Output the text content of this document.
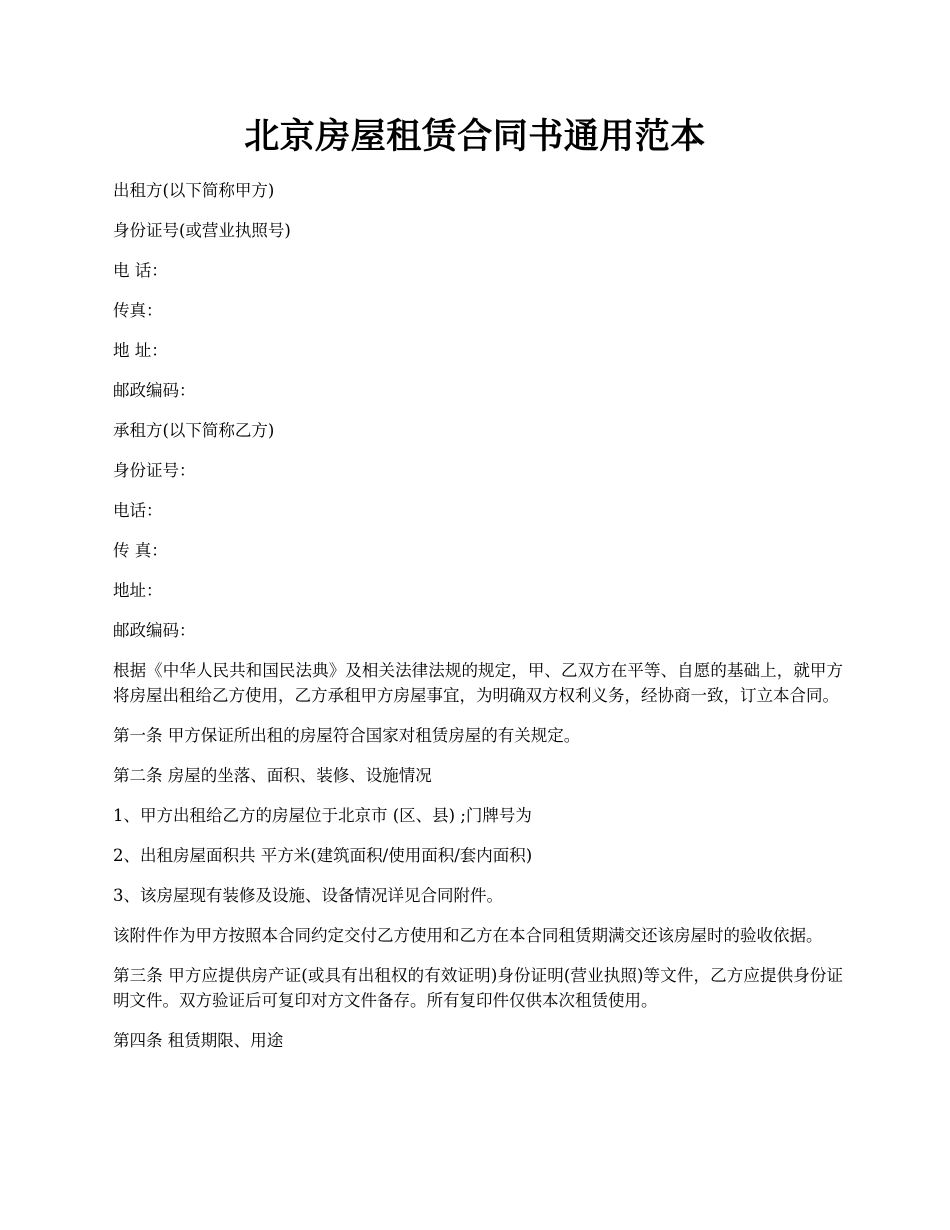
北京房屋租赁合同书通用范本

出租方(以下简称甲方)

身份证号(或营业执照号)

电 话：

传真：

地 址：

邮政编码：

承租方(以下简称乙方)

身份证号：

电话：

传 真：

地址：

邮政编码：

根据《中华人民共和国民法典》及相关法律法规的规定，甲、乙双方在平等、自愿的基础上，就甲方将房屋出租给乙方使用，乙方承租甲方房屋事宜，为明确双方权利义务，经协商一致，订立本合同。

第一条 甲方保证所出租的房屋符合国家对租赁房屋的有关规定。

第二条 房屋的坐落、面积、装修、设施情况

1、甲方出租给乙方的房屋位于北京市 (区、县) ;门牌号为

2、出租房屋面积共 平方米(建筑面积/使用面积/套内面积)

3、该房屋现有装修及设施、设备情况详见合同附件。

该附件作为甲方按照本合同约定交付乙方使用和乙方在本合同租赁期满交还该房屋时的验收依据。

第三条 甲方应提供房产证(或具有出租权的有效证明)身份证明(营业执照)等文件，乙方应提供身份证明文件。双方验证后可复印对方文件备存。所有复印件仅供本次租赁使用。

第四条 租赁期限、用途
